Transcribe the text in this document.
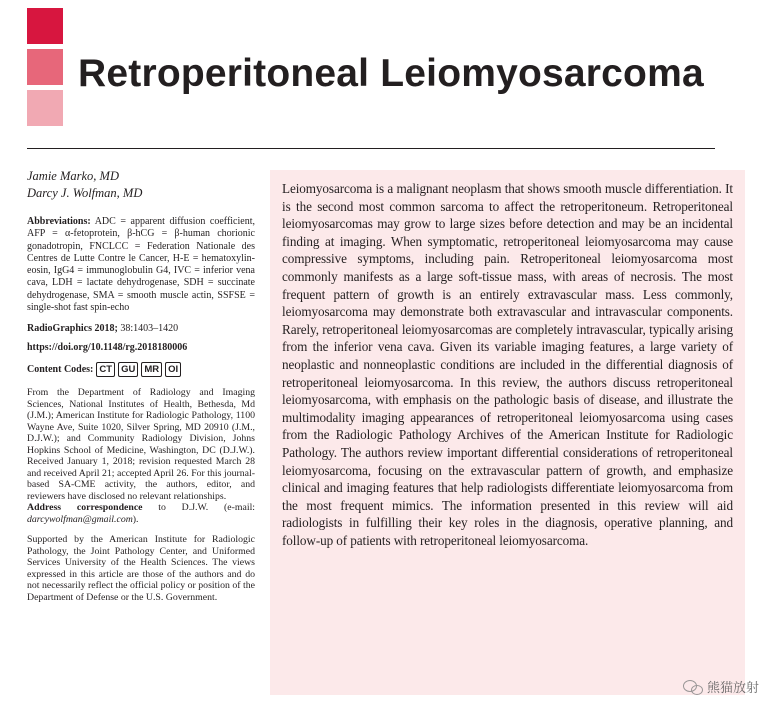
Retroperitoneal Leiomyosarcoma
Jamie Marko, MD
Darcy J. Wolfman, MD
Abbreviations: ADC = apparent diffusion coefficient, AFP = α-fetoprotein, β-hCG = β-human chorionic gonadotropin, FNCLCC = Federation Nationale des Centres de Lutte Contre le Cancer, H-E = hematoxylin-eosin, IgG4 = immunoglobulin G4, IVC = inferior vena cava, LDH = lactate dehydrogenase, SDH = succinate dehydrogenase, SMA = smooth muscle actin, SSFSE = single-shot fast spin-echo
RadioGraphics 2018; 38:1403–1420
https://doi.org/10.1148/rg.2018180006
Content Codes: CT GU MR OI
From the Department of Radiology and Imaging Sciences, National Institutes of Health, Bethesda, Md (J.M.); American Institute for Radiologic Pathology, 1100 Wayne Ave, Suite 1020, Silver Spring, MD 20910 (J.M., D.J.W.); and Community Radiology Division, Johns Hopkins School of Medicine, Washington, DC (D.J.W.). Received January 1, 2018; revision requested March 28 and received April 21; accepted April 26. For this journal-based SA-CME activity, the authors, editor, and reviewers have disclosed no relevant relationships.
Address correspondence to D.J.W. (e-mail: darcywolfman@gmail.com).
Supported by the American Institute for Radiologic Pathology, the Joint Pathology Center, and Uniformed Services University of the Health Sciences. The views expressed in this article are those of the authors and do not necessarily reflect the official policy or position of the Department of Defense or the U.S. Government.

Leiomyosarcoma is a malignant neoplasm that shows smooth muscle differentiation. It is the second most common sarcoma to affect the retroperitoneum. Retroperitoneal leiomyosarcomas may grow to large sizes before detection and may be an incidental finding at imaging. When symptomatic, retroperitoneal leiomyosarcoma may cause compressive symptoms, including pain. Retroperitoneal leiomyosarcoma most commonly manifests as a large soft-tissue mass, with areas of necrosis. The most frequent pattern of growth is an entirely extravascular mass. Less commonly, leiomyosarcoma may demonstrate both extravascular and intravascular components. Rarely, retroperitoneal leiomyosarcomas are completely intravascular, typically arising from the inferior vena cava. Given its variable imaging features, a large variety of neoplastic and nonneoplastic conditions are included in the differential diagnosis of retroperitoneal leiomyosarcoma. In this review, the authors discuss retroperitoneal leiomyosarcoma, with emphasis on the pathologic basis of disease, and illustrate the multimodality imaging appearances of retroperitoneal leiomyosarcoma using cases from the Radiologic Pathology Archives of the American Institute for Radiologic Pathology. The authors review important differential considerations of retroperitoneal leiomyosarcoma, focusing on the extravascular pattern of growth, and emphasize clinical and imaging features that help radiologists differentiate leiomyosarcoma from the most frequent mimics. The information presented in this review will aid radiologists in fulfilling their key roles in the diagnosis, operative planning, and follow-up of patients with retroperitoneal leiomyosarcoma.

熊猫放射
